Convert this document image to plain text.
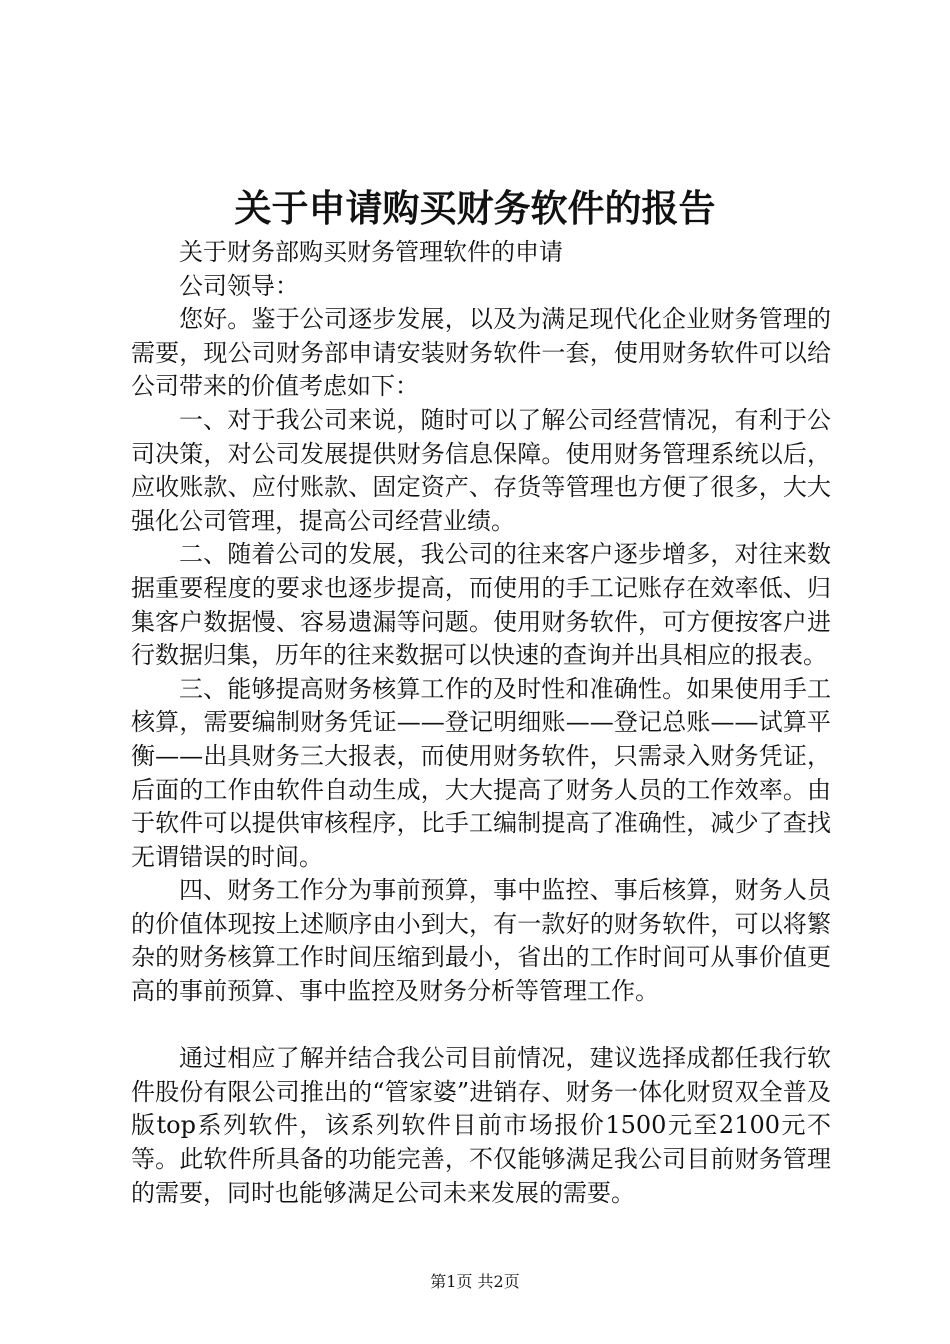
关于申请购买财务软件的报告

关于财务部购买财务管理软件的申请

公司领导：

您好。鉴于公司逐步发展，以及为满足现代化企业财务管理的需要，现公司财务部申请安装财务软件一套，使用财务软件可以给公司带来的价值考虑如下：

一、对于我公司来说，随时可以了解公司经营情况，有利于公司决策，对公司发展提供财务信息保障。使用财务管理系统以后，应收账款、应付账款、固定资产、存货等管理也方便了很多，大大强化公司管理，提高公司经营业绩。

二、随着公司的发展，我公司的往来客户逐步增多，对往来数据重要程度的要求也逐步提高，而使用的手工记账存在效率低、归集客户数据慢、容易遗漏等问题。使用财务软件，可方便按客户进行数据归集，历年的往来数据可以快速的查询并出具相应的报表。

三、能够提高财务核算工作的及时性和准确性。如果使用手工核算，需要编制财务凭证——登记明细账——登记总账——试算平衡——出具财务三大报表，而使用财务软件，只需录入财务凭证，后面的工作由软件自动生成，大大提高了财务人员的工作效率。由于软件可以提供审核程序，比手工编制提高了准确性，减少了查找无谓错误的时间。

四、财务工作分为事前预算，事中监控、事后核算，财务人员的价值体现按上述顺序由小到大，有一款好的财务软件，可以将繁杂的财务核算工作时间压缩到最小，省出的工作时间可从事价值更高的事前预算、事中监控及财务分析等管理工作。

通过相应了解并结合我公司目前情况，建议选择成都任我行软件股份有限公司推出的“管家婆”进销存、财务一体化财贸双全普及版top系列软件，该系列软件目前市场报价1500元至2100元不等。此软件所具备的功能完善，不仅能够满足我公司目前财务管理的需要，同时也能够满足公司未来发展的需要。

第1页 共2页
